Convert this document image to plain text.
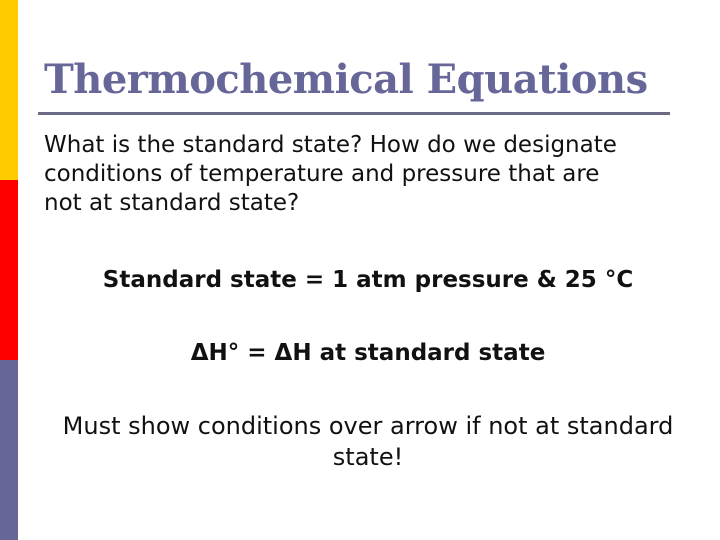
Thermochemical Equations

What is the standard state? How do we designate conditions of temperature and pressure that are not at standard state?

Standard state = 1 atm pressure & 25 °C

ΔH° = ΔH at standard state

Must show conditions over arrow if not at standard state!
